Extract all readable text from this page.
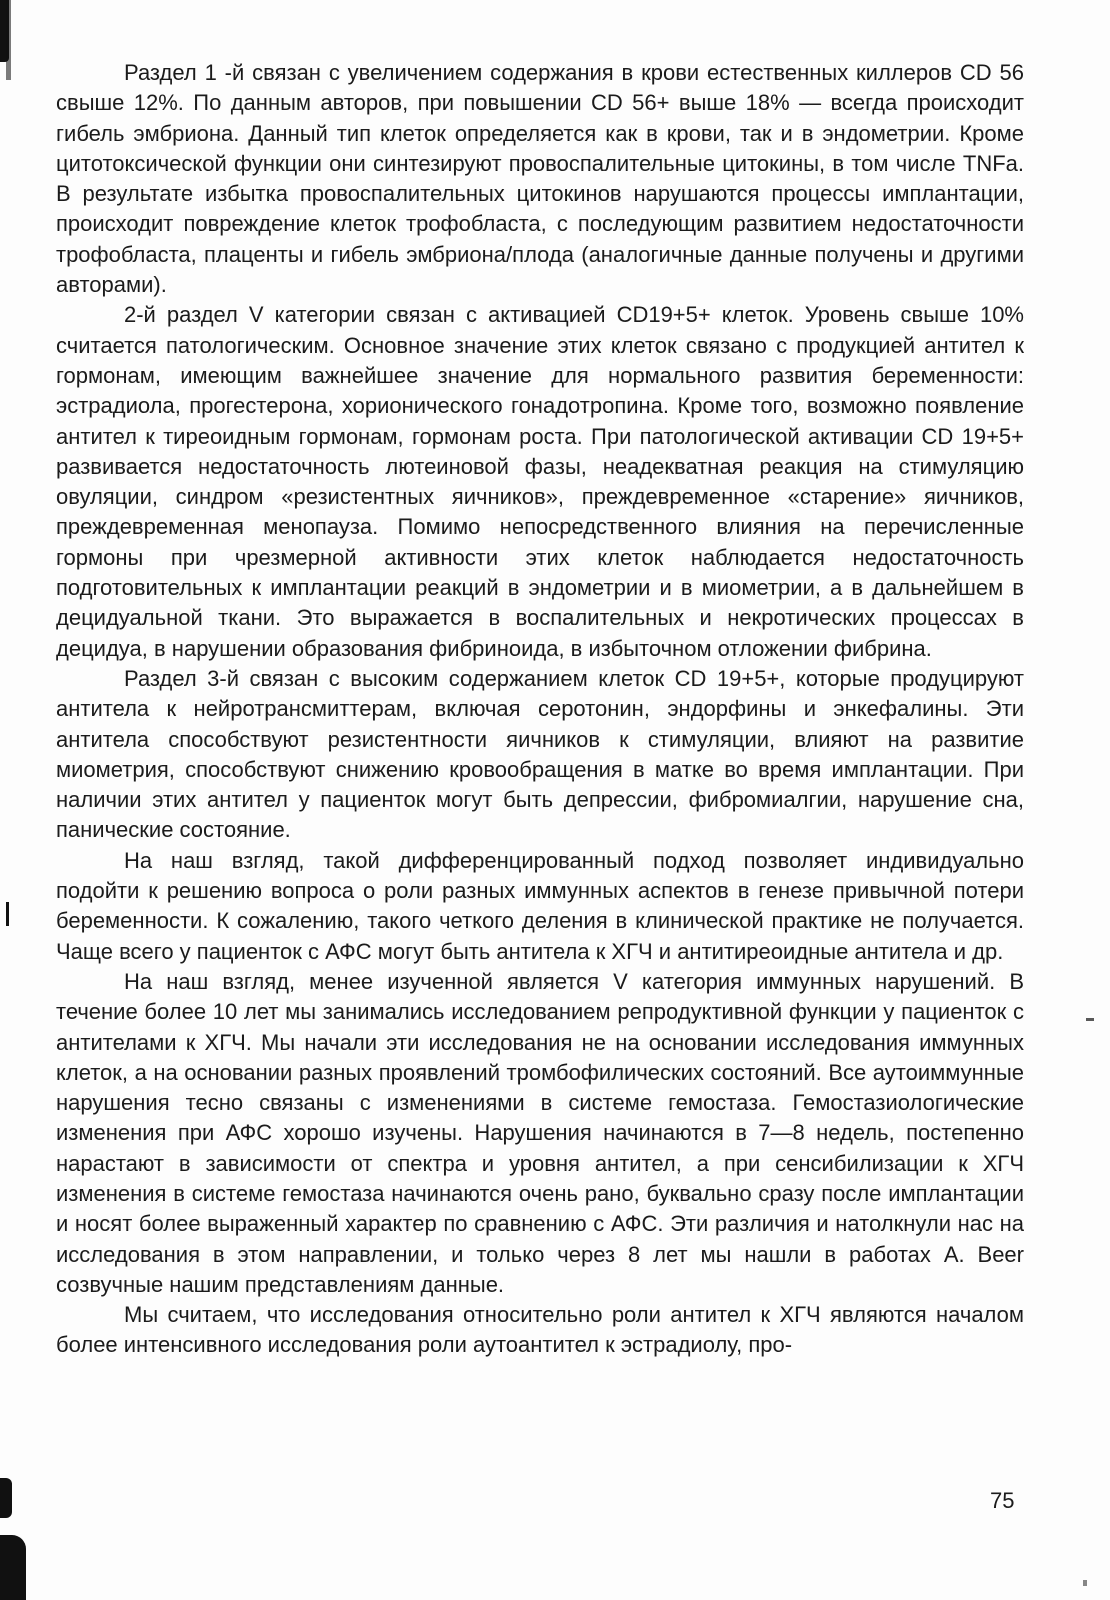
Раздел 1 -й связан с увеличением содержания в крови естественных киллеров CD 56 свыше 12%. По данным авторов, при повышении CD 56+ выше 18% — всегда происходит гибель эмбриона. Данный тип клеток определяется как в крови, так и в эндометрии. Кроме цитотоксической функции они синтезируют провоспалительные цитокины, в том числе TNFa. В результате избытка провоспалительных цитокинов нарушаются процессы имплантации, происходит повреждение клеток трофобласта, с последующим развитием недостаточности трофобласта, плаценты и гибель эмбриона/плода (аналогичные данные получены и другими авторами).

2-й раздел V категории связан с активацией CD19+5+ клеток. Уровень свыше 10% считается патологическим. Основное значение этих клеток связано с продукцией антител к гормонам, имеющим важнейшее значение для нормального развития беременности: эстрадиола, прогестерона, хорионического гонадотропина. Кроме того, возможно появление антител к тиреоидным гормонам, гормонам роста. При патологической активации CD 19+5+ развивается недостаточность лютеиновой фазы, неадекватная реакция на стимуляцию овуляции, синдром «резистентных яичников», преждевременное «старение» яичников, преждевременная менопауза. Помимо непосредственного влияния на перечисленные гормоны при чрезмерной активности этих клеток наблюдается недостаточность подготовительных к имплантации реакций в эндометрии и в миометрии, а в дальнейшем в децидуальной ткани. Это выражается в воспалительных и некротических процессах в децидуа, в нарушении образования фибриноида, в избыточном отложении фибрина.

Раздел 3-й связан с высоким содержанием клеток CD 19+5+, которые продуцируют антитела к нейротрансмиттерам, включая серотонин, эндорфины и энкефалины. Эти антитела способствуют резистентности яичников к стимуляции, влияют на развитие миометрия, способствуют снижению кровообращения в матке во время имплантации. При наличии этих антител у пациенток могут быть депрессии, фибромиалгии, нарушение сна, панические состояние.

На наш взгляд, такой дифференцированный подход позволяет индивидуально подойти к решению вопроса о роли разных иммунных аспектов в генезе привычной потери беременности. К сожалению, такого четкого деления в клинической практике не получается. Чаще всего у пациенток с АФС могут быть антитела к ХГЧ и антитиреоидные антитела и др.

На наш взгляд, менее изученной является V категория иммунных нарушений. В течение более 10 лет мы занимались исследованием репродуктивной функции у пациенток с антителами к ХГЧ. Мы начали эти исследования не на основании исследования иммунных клеток, а на основании разных проявлений тромбофилических состояний. Все аутоиммунные нарушения тесно связаны с изменениями в системе гемостаза. Гемостазиологические изменения при АФС хорошо изучены. Нарушения начинаются в 7—8 недель, постепенно нарастают в зависимости от спектра и уровня антител, а при сенсибилизации к ХГЧ изменения в системе гемостаза начинаются очень рано, буквально сразу после имплантации и носят более выраженный характер по сравнению с АФС. Эти различия и натолкнули нас на исследования в этом направлении, и только через 8 лет мы нашли в работах A. Beer созвучные нашим представлениям данные.

Мы считаем, что исследования относительно роли антител к ХГЧ являются началом более интенсивного исследования роли аутоантител к эстрадиолу, про-

75
